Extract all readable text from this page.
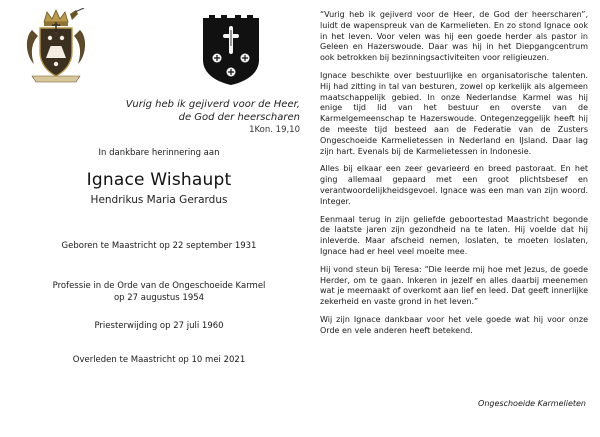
Vurig heb ik gejiverd voor de Heer,
de God der heerscharen
1Kon. 19,10
In dankbare herinnering aan
Ignace Wishaupt
Hendrikus Maria Gerardus
Geboren te Maastricht op 22 september 1931
Professie in de Orde van de Ongeschoeide Karmel
op 27 augustus 1954
Priesterwijding op 27 juli 1960
Overleden te Maastricht op 10 mei 2021

“Vurig heb ik gejiverd voor de Heer, de God der heerscharen”, luidt de wapenspreuk van de Karmelieten. En zo stond Ignace ook in het leven. Voor velen was hij een goede herder als pastor in Geleen en Hazerswoude. Daar was hij in het Diepgangcentrum ook betrokken bij bezinningsactiviteiten voor religieuzen.

Ignace beschikte over bestuurlijke en organisatorische talenten. Hij had zitting in tal van besturen, zowel op kerkelijk als algemeen maatschappelijk gebied. In onze Nederlandse Karmel was hij enige tijd lid van het bestuur en overste van de Karmelgemeenschap te Hazerswoude. Ontegenzeggelijk heeft hij de meeste tijd besteed aan de Federatie van de Zusters Ongeschoeide Karmelietessen in Nederland en IJsland. Daar lag zijn hart. Evenals bij de Karmelietessen in Indonesie.

Alles bij elkaar een zeer gevarieerd en breed pastoraat. En het ging allemaal gepaard met een groot plichtsbesef en verantwoordelijkheidsgevoel. Ignace was een man van zijn woord. Integer.

Eenmaal terug in zijn geliefde geboortestad Maastricht begonde de laatste jaren zijn gezondheid na te laten. Hij voelde dat hij inleverde. Maar afscheid nemen, loslaten, te moeten loslaten, Ignace had er heel veel moeite mee.

Hij vond steun bij Teresa: “Die leerde mij hoe met Jezus, de goede Herder, om te gaan. Inkeren in jezelf en alles daarbij meenemen wat je meemaakt of overkomt aan lief en leed. Dat geeft innerlijke zekerheid en vaste grond in het leven.”

Wij zijn Ignace dankbaar voor het vele goede wat hij voor onze Orde en vele anderen heeft betekend.

Ongeschoeide Karmelieten
